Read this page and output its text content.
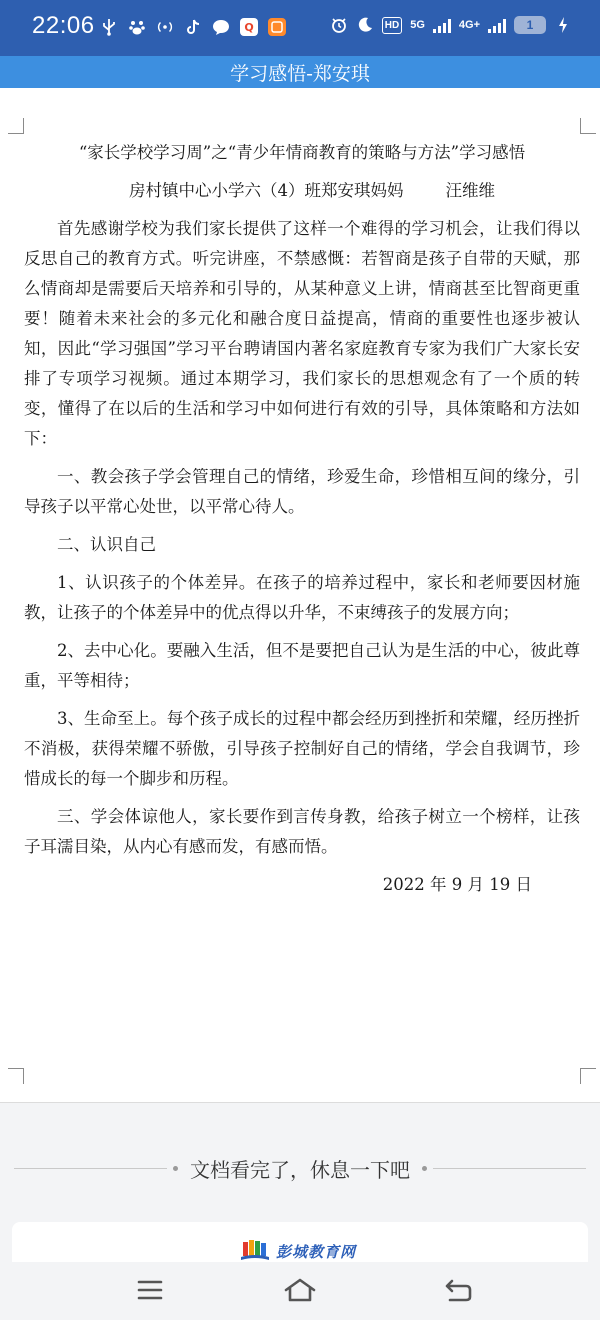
22:06	Q	HD 5G	4G+	1
学习感悟-郑安琪
“家长学校学习周”之“青少年情商教育的策略与方法”学习感悟
房村镇中心小学六（4）班郑安琪妈妈	汪维维

首先感谢学校为我们家长提供了这样一个难得的学习机会，让我们得以反思自己的教育方式。听完讲座，不禁感慨：若智商是孩子自带的天赋，那么情商却是需要后天培养和引导的，从某种意义上讲，情商甚至比智商更重要！随着未来社会的多元化和融合度日益提高，情商的重要性也逐步被认知，因此“学习强国”学习平台聘请国内著名家庭教育专家为我们广大家长安排了专项学习视频。通过本期学习，我们家长的思想观念有了一个质的转变，懂得了在以后的生活和学习中如何进行有效的引导，具体策略和方法如下：

一、教会孩子学会管理自己的情绪，珍爱生命，珍惜相互间的缘分，引导孩子以平常心处世，以平常心待人。

二、认识自己

1、认识孩子的个体差异。在孩子的培养过程中，家长和老师要因材施教，让孩子的个体差异中的优点得以升华，不束缚孩子的发展方向；

2、去中心化。要融入生活，但不是要把自己认为是生活的中心，彼此尊重，平等相待；

3、生命至上。每个孩子成长的过程中都会经历到挫折和荣耀，经历挫折不消极，获得荣耀不骄傲，引导孩子控制好自己的情绪，学会自我调节，珍惜成长的每一个脚步和历程。

三、学会体谅他人，家长要作到言传身教，给孩子树立一个榜样，让孩子耳濡目染，从内心有感而发，有感而悟。

2022 年 9 月 19 日
文档看完了，休息一下吧
彭城教育网
